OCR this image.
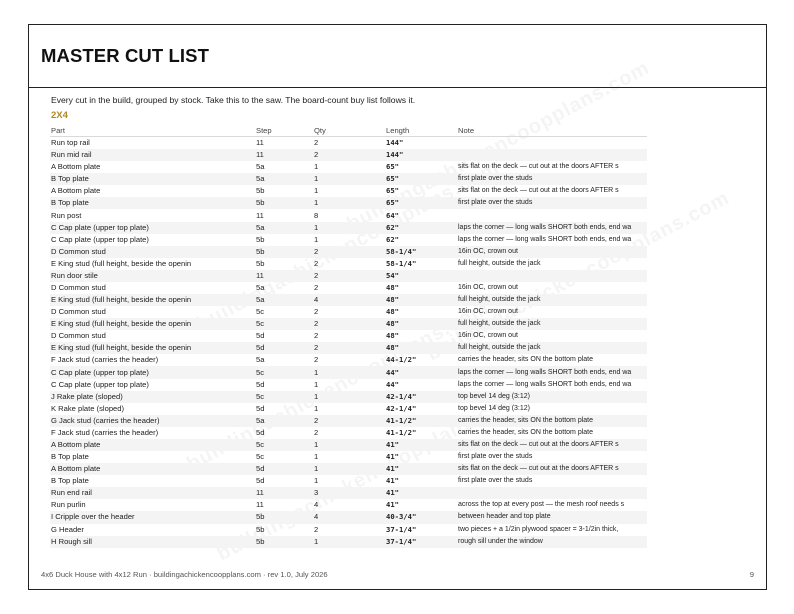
MASTER CUT LIST

Every cut in the build, grouped by stock. Take this to the saw. The board-count buy list follows it.

2X4
Part	Step	Qty	Length	Note
Run top rail	11	2	144"	
Run mid rail	11	2	144"	
A Bottom plate	5a	1	65"	sits flat on the deck — cut out at the doors AFTER s
B Top plate	5a	1	65"	first plate over the studs
A Bottom plate	5b	1	65"	sits flat on the deck — cut out at the doors AFTER s
B Top plate	5b	1	65"	first plate over the studs
Run post	11	8	64"	
C Cap plate (upper top plate)	5a	1	62"	laps the corner — long walls SHORT both ends, end wa
C Cap plate (upper top plate)	5b	1	62"	laps the corner — long walls SHORT both ends, end wa
D Common stud	5b	2	58-1/4"	16in OC, crown out
E King stud (full height, beside the openin	5b	2	58-1/4"	full height, outside the jack
Run door stile	11	2	54"	
D Common stud	5a	2	48"	16in OC, crown out
E King stud (full height, beside the openin	5a	4	48"	full height, outside the jack
D Common stud	5c	2	48"	16in OC, crown out
E King stud (full height, beside the openin	5c	2	48"	full height, outside the jack
D Common stud	5d	2	48"	16in OC, crown out
E King stud (full height, beside the openin	5d	2	48"	full height, outside the jack
F Jack stud (carries the header)	5a	2	44-1/2"	carries the header, sits ON the bottom plate
C Cap plate (upper top plate)	5c	1	44"	laps the corner — long walls SHORT both ends, end wa
C Cap plate (upper top plate)	5d	1	44"	laps the corner — long walls SHORT both ends, end wa
J Rake plate (sloped)	5c	1	42-1/4"	top bevel 14 deg (3:12)
K Rake plate (sloped)	5d	1	42-1/4"	top bevel 14 deg (3:12)
G Jack stud (carries the header)	5a	2	41-1/2"	carries the header, sits ON the bottom plate
F Jack stud (carries the header)	5d	2	41-1/2"	carries the header, sits ON the bottom plate
A Bottom plate	5c	1	41"	sits flat on the deck — cut out at the doors AFTER s
B Top plate	5c	1	41"	first plate over the studs
A Bottom plate	5d	1	41"	sits flat on the deck — cut out at the doors AFTER s
B Top plate	5d	1	41"	first plate over the studs
Run end rail	11	3	41"	
Run purlin	11	4	41"	across the top at every post — the mesh roof needs s
I Cripple over the header	5b	4	40-3/4"	between header and top plate
G Header	5b	2	37-1/4"	two pieces + a 1/2in plywood spacer = 3-1/2in thick,
H Rough sill	5b	1	37-1/4"	rough sill under the window
4x6 Duck House with 4x12 Run · buildingachickencoopplans.com · rev 1.0, July 2026	9
